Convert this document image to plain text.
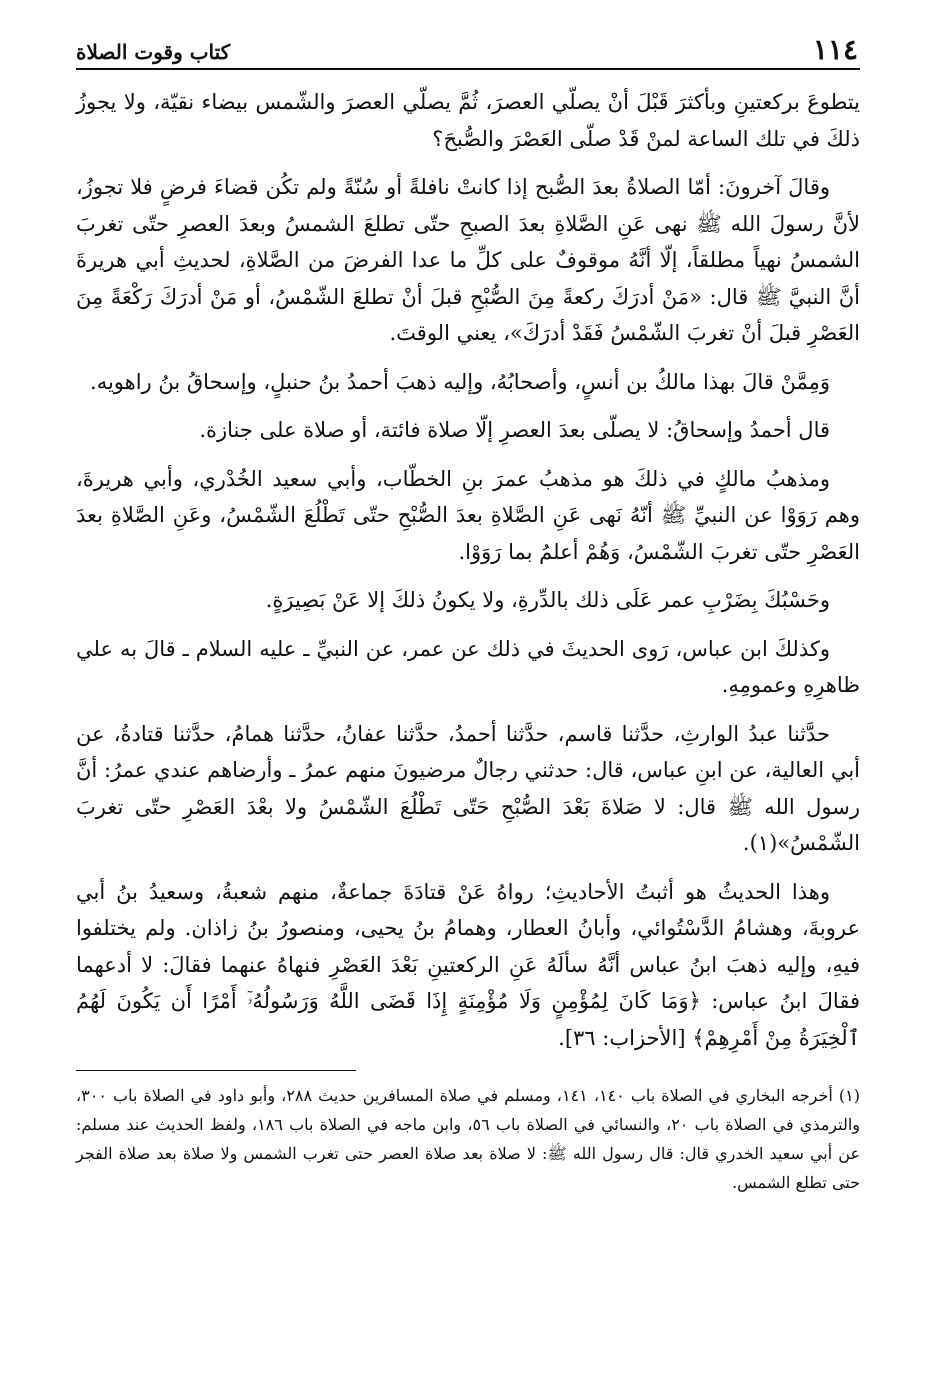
١١٤
كتاب وقوت الصلاة

يتطوعَ بركعتينِ وبأكثرَ قَبْلَ أنْ يصلّي العصرَ، ثُمَّ يصلّي العصرَ والشّمس بيضاء نقيّة، ولا يجوزُ ذلكَ في تلك الساعة لمنْ قَدْ صلّى العَصْرَ والصُّبحَ؟

وقالَ آخرونَ: أمّا الصلاةُ بعدَ الصُّبح إذا كانتْ نافلةً أو سُنّةً ولم تكُن قضاءَ فرضٍ فلا تجوزُ، لأنَّ رسولَ الله ﷺ نهى عَنِ الصَّلاةِ بعدَ الصبحِ حتّى تطلعَ الشمسُ وبعدَ العصرِ حتّى تغربَ الشمسُ نهياً مطلقاً، إلّا أنَّهُ موقوفٌ على كلِّ ما عدا الفرضَ من الصَّلاةِ، لحديثِ أبي هريرةَ أنَّ النبيَّ ﷺ قال: «مَنْ أدرَكَ ركعةً مِنَ الصُّبْحِ قبلَ أنْ تطلعَ الشّمْسُ، أو مَنْ أدرَكَ رَكْعَةً مِنَ العَصْرِ قبلَ أنْ تغربَ الشّمْسُ فَقَدْ أدرَكَ»، يعني الوقتَ.

وَمِمَّنْ قالَ بهذا مالكُ بن أنسٍ، وأصحابُهُ، وإليه ذهبَ أحمدُ بنُ حنبلٍ، وإسحاقُ بنُ راهويه.

قال أحمدُ وإسحاقُ: لا يصلّى بعدَ العصرِ إلّا صلاة فائتة، أو صلاة على جنازة.

ومذهبُ مالكٍ في ذلكَ هو مذهبُ عمرَ بنِ الخطّاب، وأبي سعيد الخُدْري، وأبي هريرةَ، وهم رَوَوْا عن النبيِّ ﷺ أنّهُ نَهى عَنِ الصَّلاةِ بعدَ الصُّبْحِ حتّى تَطْلُعَ الشّمْسُ، وعَنِ الصَّلاةِ بعدَ العَصْرِ حتّى تغربَ الشّمْسُ، وَهُمْ أعلمُ بما رَوَوْا.

وحَسْبُكَ بِضَرْبِ عمر عَلَى ذلك بالدِّرةِ، ولا يكونُ ذلكَ إلا عَنْ بَصِيرَةٍ.

وكذلكَ ابن عباس، رَوى الحديثَ في ذلك عن عمر، عن النبيِّ ـ عليه السلام ـ قالَ به علي ظاهرِهِ وعمومِهِ.

حدَّثنا عبدُ الوارثِ، حدَّثنا قاسم، حدَّثنا أحمدُ، حدَّثنا عفانُ، حدَّثنا همامُ، حدَّثنا قتادةُ، عن أبي العالية، عن ابنِ عباس، قال: حدثني رجالٌ مرضيونَ منهم عمرُ ـ وأرضاهم عندي عمرُ: أنَّ رسول الله ﷺ قال: لا صَلاةَ بَعْدَ الصُّبْحِ حَتّى تَطْلُعَ الشّمْسُ ولا بعْدَ العَصْرِ حتّى تغربَ الشّمْسُ»(١).

وهذا الحديثُ هو أثبتُ الأحاديثِ؛ رواهُ عَنْ قتادَةَ جماعةٌ، منهم شعبةُ، وسعيدُ بنُ أبي عروبةَ، وهشامُ الدَّسْتُوائي، وأبانُ العطار، وهمامُ بنُ يحيى، ومنصورُ بنُ زاذان. ولم يختلفوا فيهِ، وإليه ذهبَ ابنُ عباس أنَّهُ سألَهُ عَنِ الركعتينِ بَعْدَ العَصْرِ فنهاهُ عنهما فقالَ: لا أدعهما فقالَ ابنُ عباس: ﴿وَمَا كَانَ لِمُؤْمِنٍ وَلَا مُؤْمِنَةٍ إِذَا قَضَى اللَّهُ وَرَسُولُهُۥٓ أَمْرًا أَن يَكُونَ لَهُمُ ٱلْخِيَرَةُ مِنْ أَمْرِهِمْ﴾ [الأحزاب: ٣٦].

(١) أخرجه البخاري في الصلاة باب ١٤٠، ١٤١، ومسلم في صلاة المسافرين حديث ٢٨٨، وأبو داود في الصلاة باب ٣٠٠، والترمذي في الصلاة باب ٢٠، والنسائي في الصلاة باب ٥٦، وابن ماجه في الصلاة باب ١٨٦، ولفظ الحديث عند مسلم: عن أبي سعيد الخدري قال: قال رسول الله ﷺ: لا صلاة بعد صلاة العصر حتى تغرب الشمس ولا صلاة بعد صلاة الفجر حتى تطلع الشمس.
